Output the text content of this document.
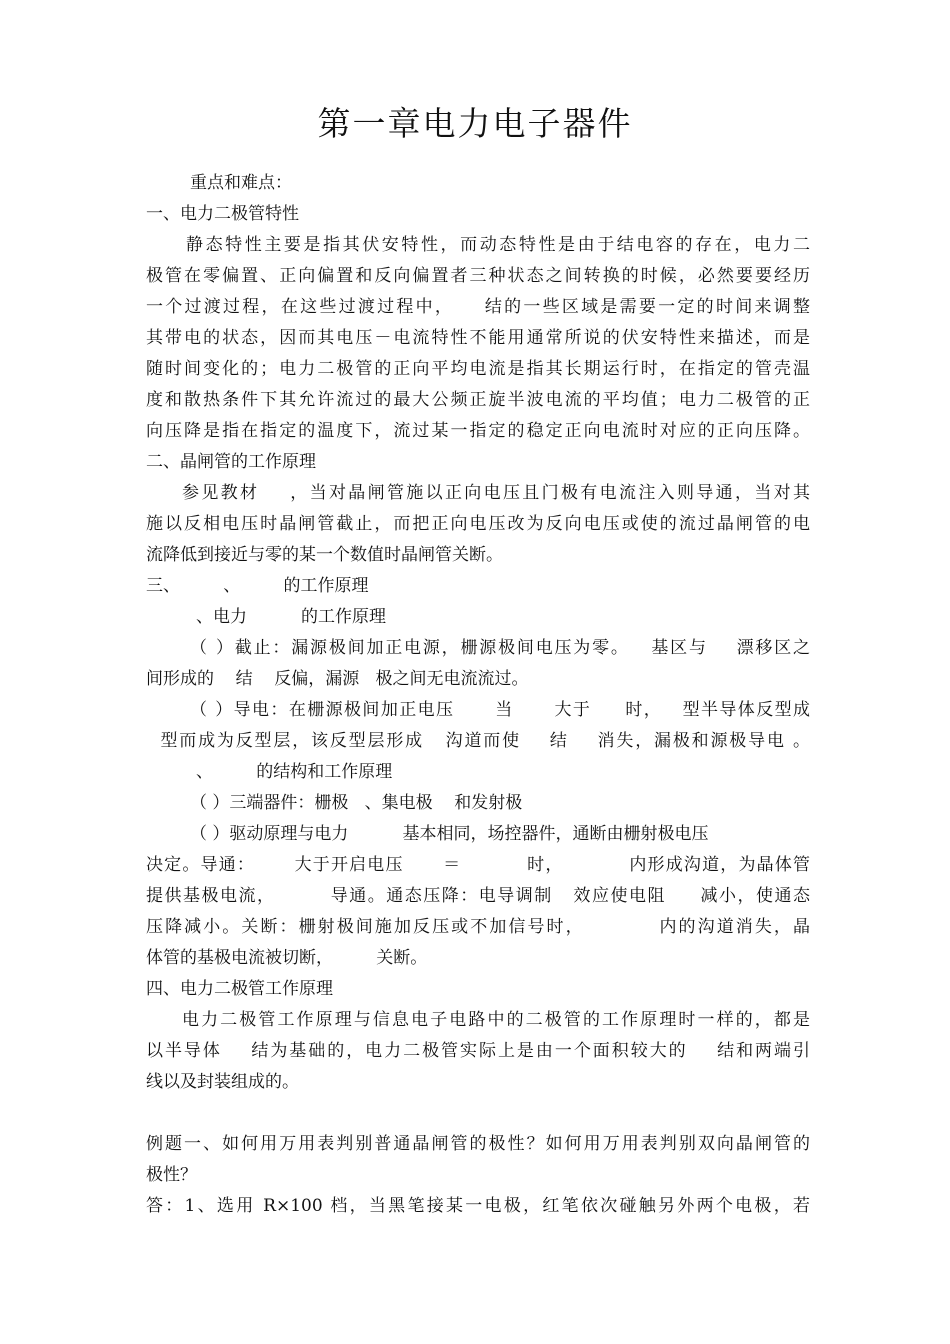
第一章电力电子器件
重点和难点：
一、电力二极管特性
静态特性主要是指其伏安特性，而动态特性是由于结电容的存在，电力二
极管在零偏置、正向偏置和反向偏置者三种状态之间转换的时候，必然要要经历
一个过渡过程，在这些过渡过程中，    结的一些区域是需要一定的时间来调整
其带电的状态，因而其电压－电流特性不能用通常所说的伏安特性来描述，而是
随时间变化的；电力二极管的正向平均电流是指其长期运行时，在指定的管壳温
度和散热条件下其允许流过的最大公频正旋半波电流的平均值；电力二极管的正
向压降是指在指定的温度下，流过某一指定的稳定正向电流时对应的正向压降。
二、晶闸管的工作原理
参见教材    ，当对晶闸管施以正向电压且门极有电流注入则导通，当对其
施以反相电压时晶闸管截止，而把正向电压改为反向电压或使的流过晶闸管的电
流降低到接近与零的某一个数值时晶闸管关断。
三、        、        的工作原理
、电力          的工作原理
（ ）截止：漏源极间加正电源，栅源极间电压为零。   基区与    漂移区之
间形成的    结    反偏，漏源   极之间无电流流过。
（ ）导电：在栅源极间加正电压      当      大于     时，   型半导体反型成
型而成为反型层，该反型层形成   沟道而使    结    消失，漏极和源极导电 。
、        的结构和工作原理
（ ）三端器件：栅极   、集电极    和发射极
（ ）驱动原理与电力          基本相同，场控器件，通断由栅射极电压
决定。导通：      大于开启电压      ＝          时，          内形成沟道，为晶体管
提供基极电流，        导通。通态压降：电导调制   效应使电阻     减小，使通态
压降减小。关断：栅射极间施加反压或不加信号时，          内的沟道消失，晶
体管的基极电流被切断，        关断。
四、电力二极管工作原理
电力二极管工作原理与信息电子电路中的二极管的工作原理时一样的，都是
以半导体    结为基础的，电力二极管实际上是由一个面积较大的    结和两端引
线以及封装组成的。
例题一、如何用万用表判别普通晶闸管的极性？如何用万用表判别双向晶闸管的
极性？
答：1、选用 R×100 档，当黑笔接某一电极，红笔依次碰触另外两个电极，若
